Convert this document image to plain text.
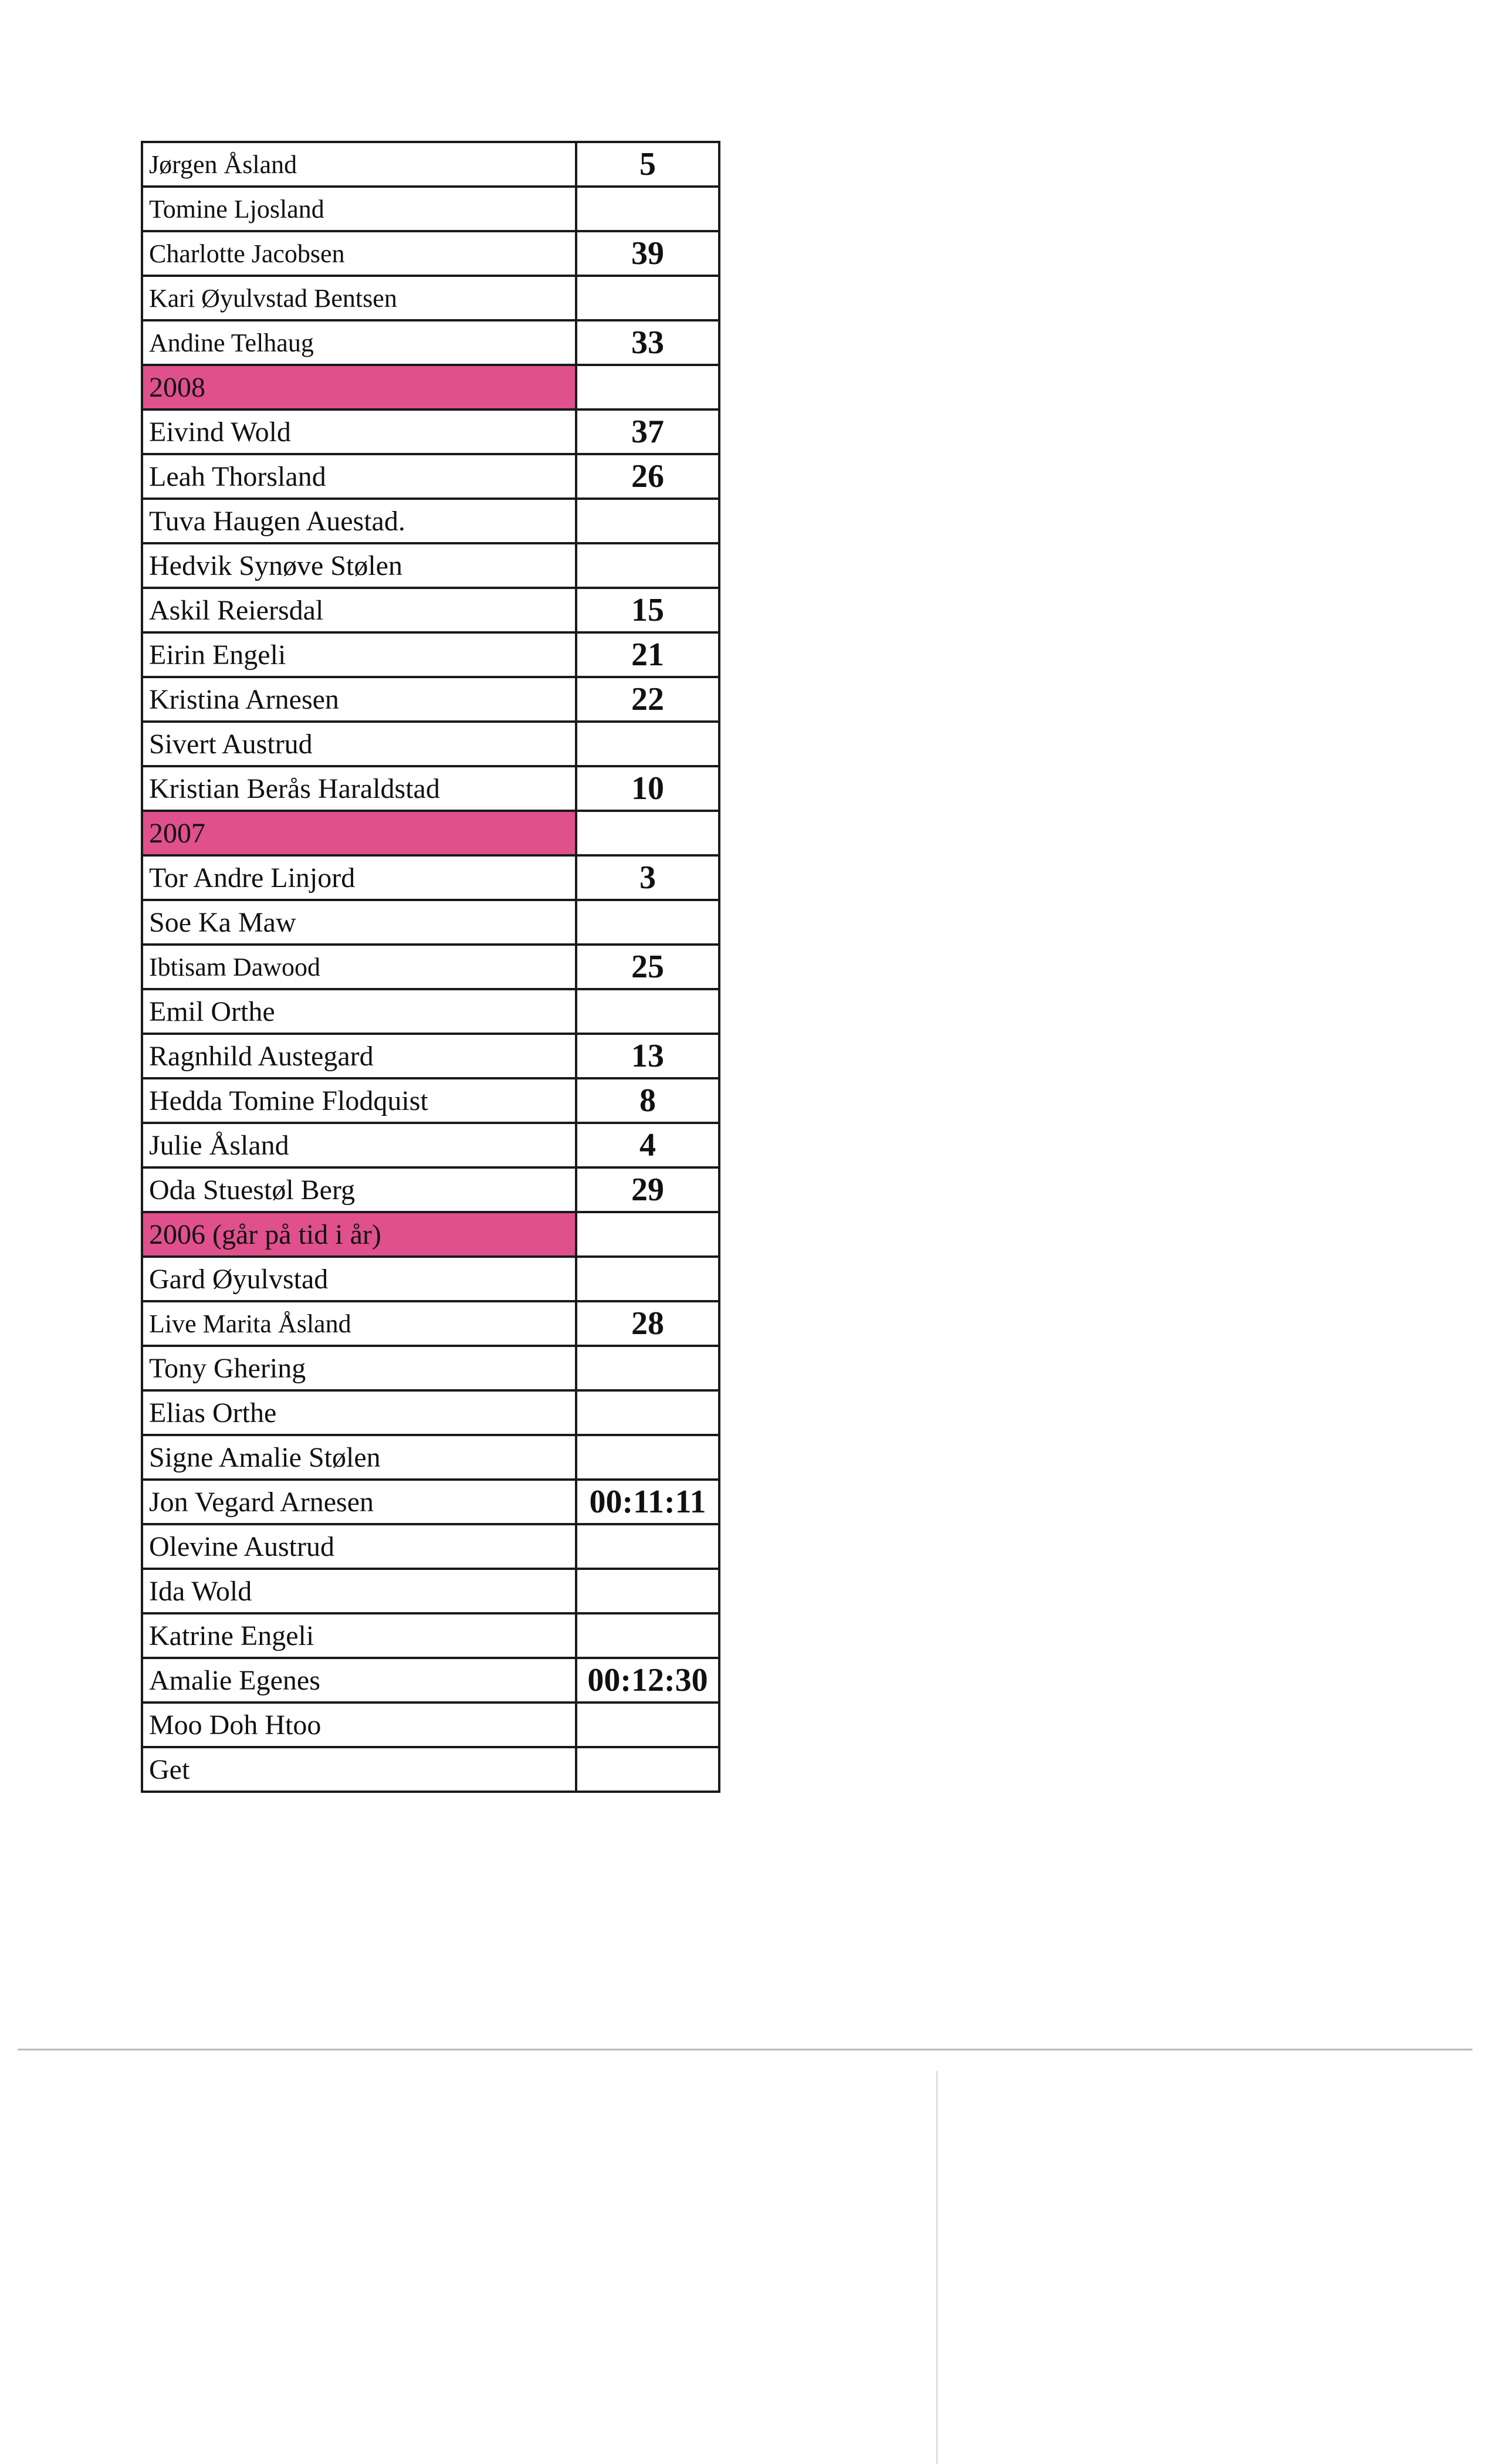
Jørgen Åsland	5
Tomine Ljosland	
Charlotte Jacobsen	39
Kari Øyulvstad Bentsen	
Andine Telhaug	33
2008	
Eivind Wold	37
Leah Thorsland	26
Tuva Haugen Auestad.	
Hedvik Synøve Stølen	
Askil Reiersdal	15
Eirin Engeli	21
Kristina Arnesen	22
Sivert Austrud	
Kristian Berås Haraldstad	10
2007	
Tor Andre Linjord	3
Soe Ka Maw	
Ibtisam Dawood	25
Emil Orthe	
Ragnhild Austegard	13
Hedda Tomine Flodquist	8
Julie Åsland	4
Oda Stuestøl Berg	29
2006 (går på tid i år)	
Gard Øyulvstad	
Live Marita Åsland	28
Tony Ghering	
Elias Orthe	
Signe Amalie Stølen	
Jon Vegard Arnesen	00:11:11
Olevine Austrud	
Ida Wold	
Katrine Engeli	
Amalie Egenes	00:12:30
Moo Doh Htoo	
Get	
